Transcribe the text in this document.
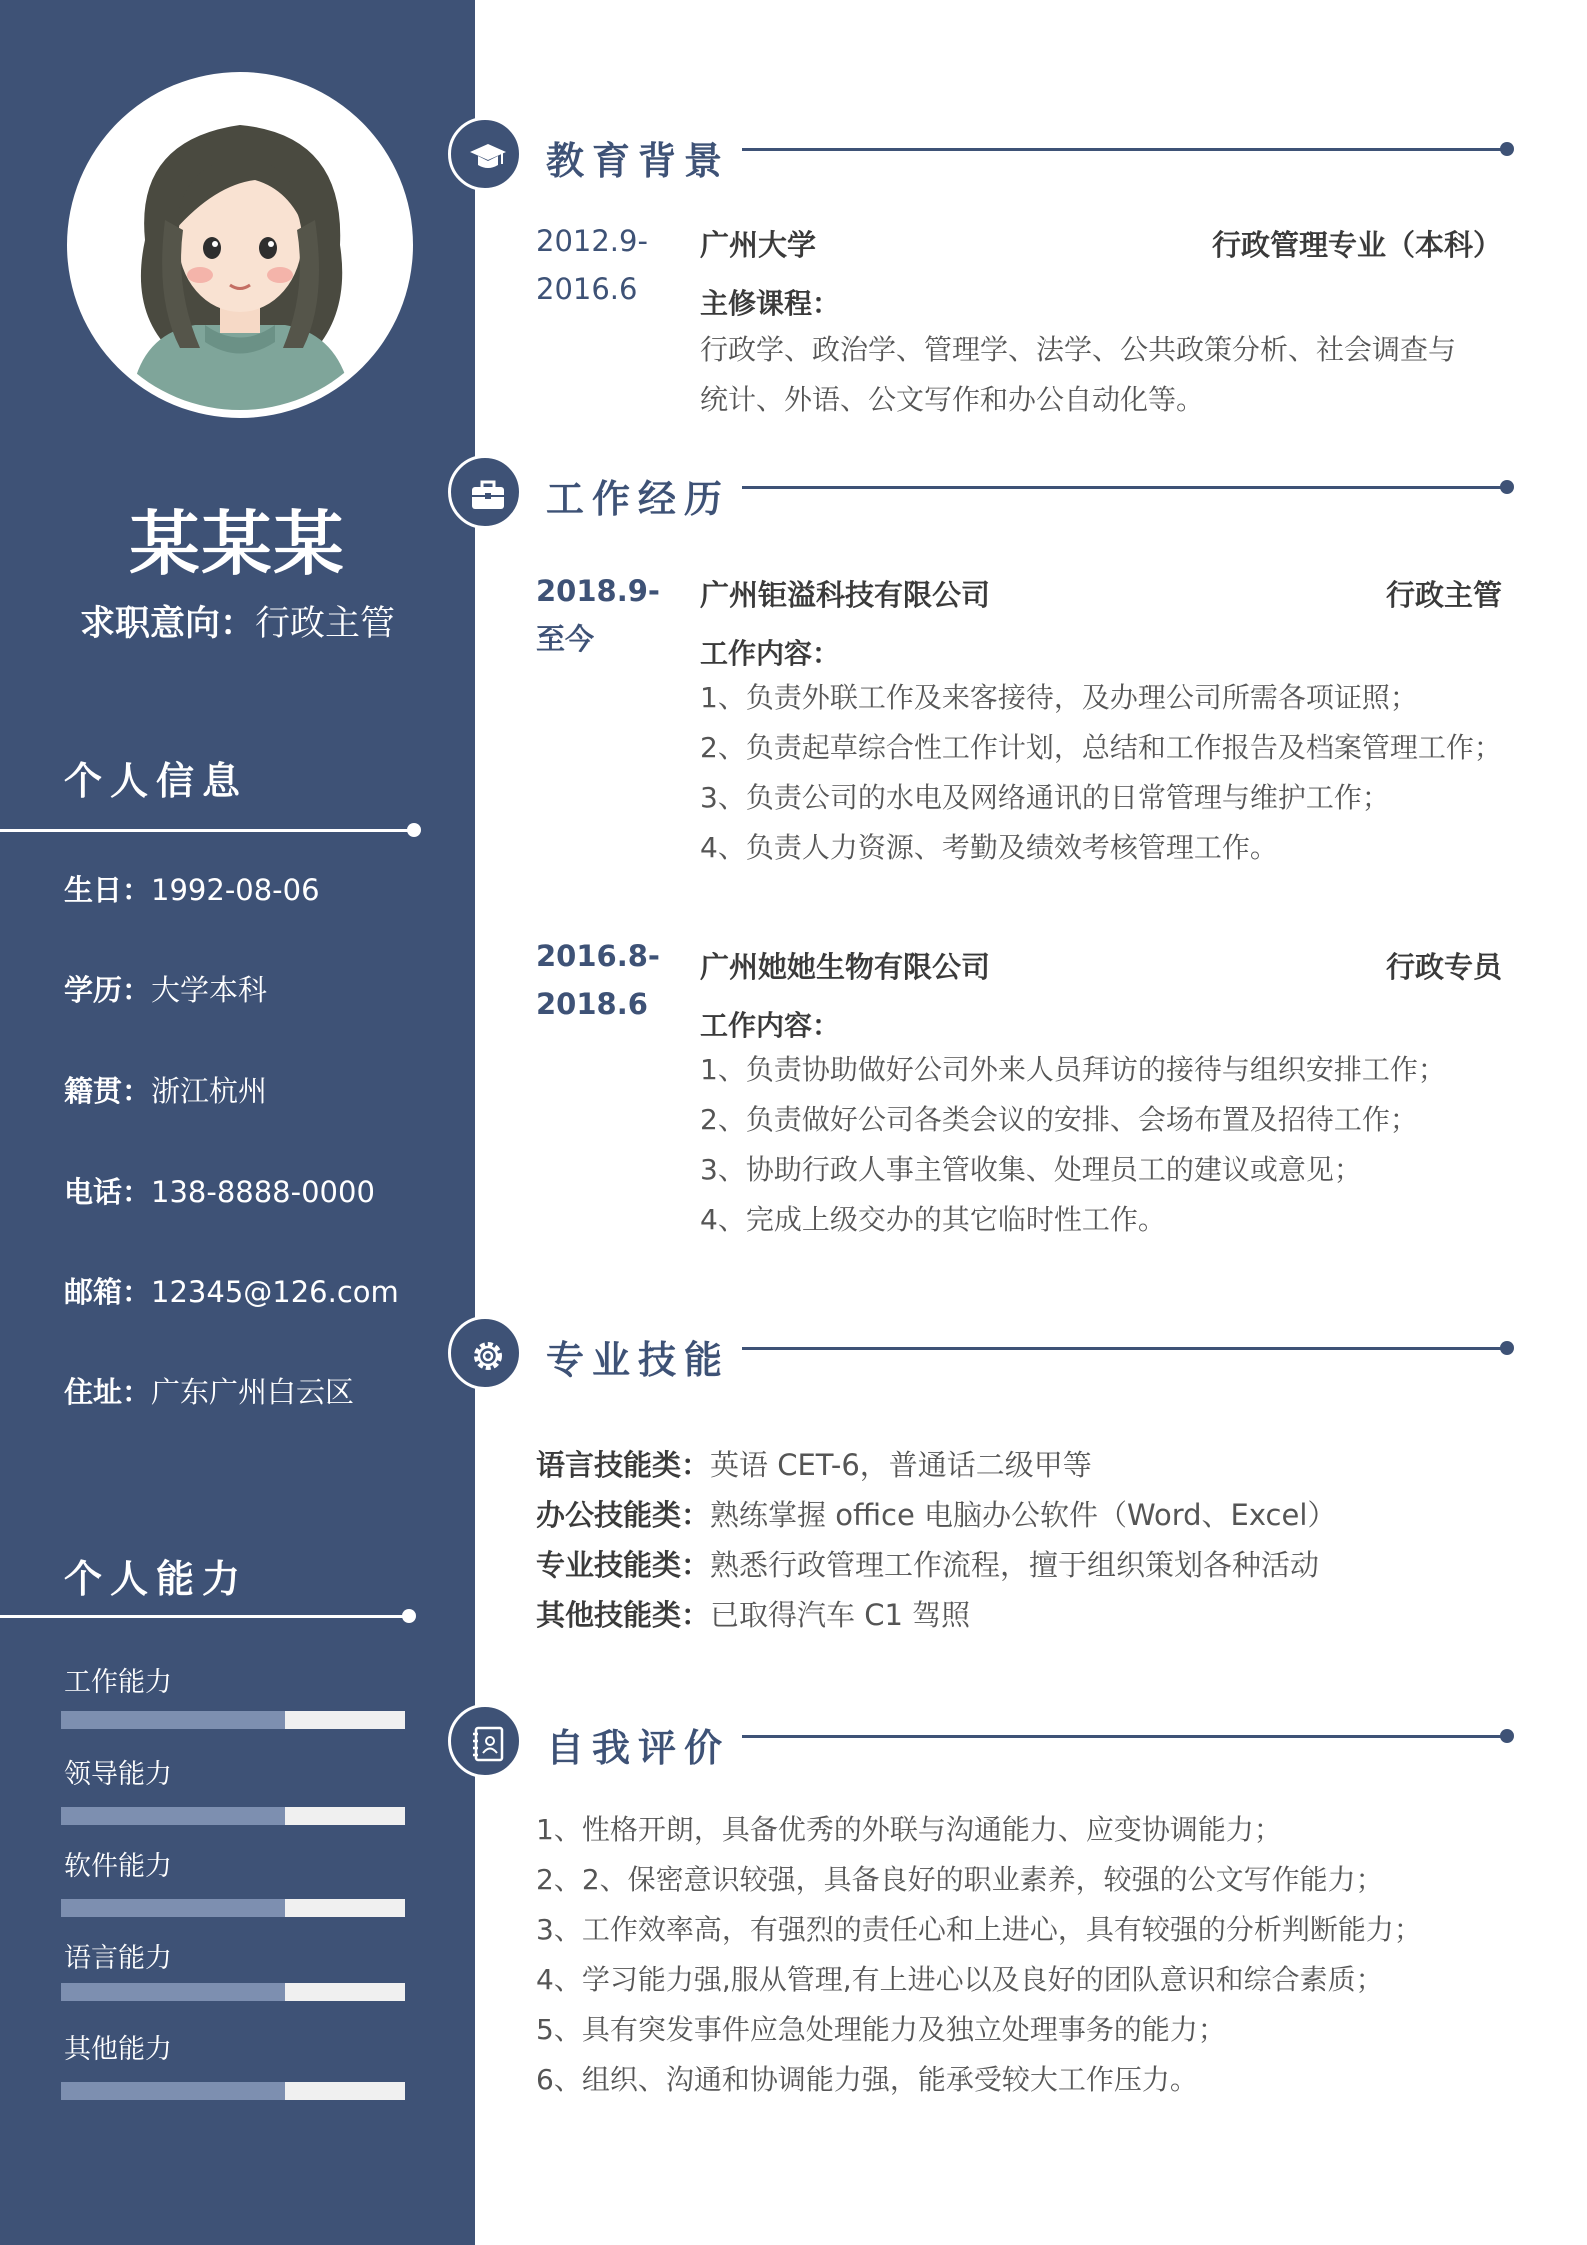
某某某
求职意向：行政主管
个人信息
生日：1992-08-06
学历：大学本科
籍贯：浙江杭州
电话：138-8888-0000
邮箱：12345@126.com
住址：广东广州白云区
个人能力
工作能力
领导能力
软件能力
语言能力
其他能力
教育背景
2012.9-
2016.6
广州大学	行政管理专业（本科）
主修课程：
行政学、政治学、管理学、法学、公共政策分析、社会调查与
统计、外语、公文写作和办公自动化等。
工作经历
2018.9-
至今
广州钜溢科技有限公司	行政主管
工作内容：
1、负责外联工作及来客接待，及办理公司所需各项证照；
2、负责起草综合性工作计划，总结和工作报告及档案管理工作；
3、负责公司的水电及网络通讯的日常管理与维护工作；
4、负责人力资源、考勤及绩效考核管理工作。
2016.8-
2018.6
广州她她生物有限公司	行政专员
工作内容：
1、负责协助做好公司外来人员拜访的接待与组织安排工作；
2、负责做好公司各类会议的安排、会场布置及招待工作；
3、协助行政人事主管收集、处理员工的建议或意见；
4、完成上级交办的其它临时性工作。
专业技能
语言技能类：英语 CET-6，普通话二级甲等
办公技能类：熟练掌握 office 电脑办公软件（Word、Excel）
专业技能类：熟悉行政管理工作流程，擅于组织策划各种活动
其他技能类：已取得汽车 C1 驾照
自我评价
1、性格开朗，具备优秀的外联与沟通能力、应变协调能力；
2、2、保密意识较强，具备良好的职业素养，较强的公文写作能力；
3、工作效率高，有强烈的责任心和上进心，具有较强的分析判断能力；
4、学习能力强,服从管理,有上进心以及良好的团队意识和综合素质；
5、具有突发事件应急处理能力及独立处理事务的能力；
6、组织、沟通和协调能力强，能承受较大工作压力。
